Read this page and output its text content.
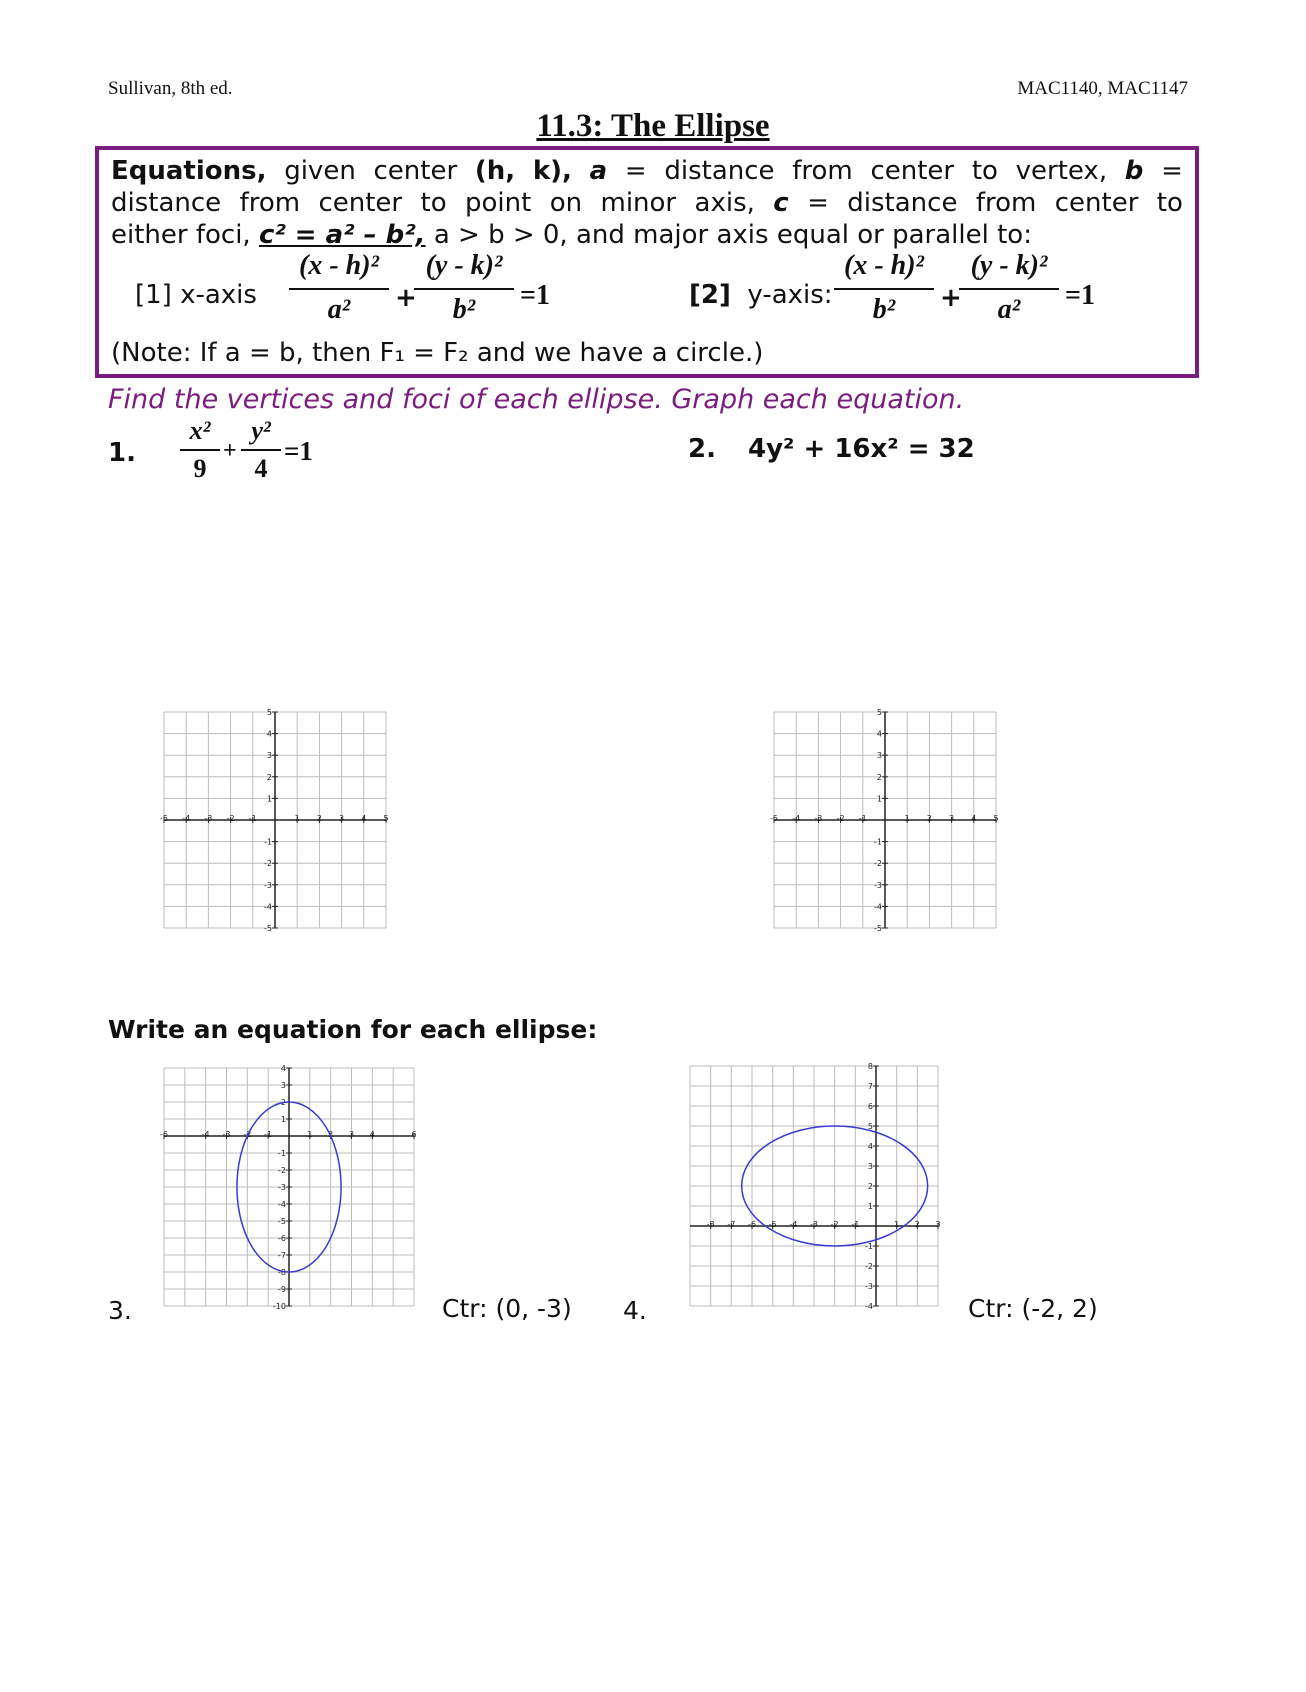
Sullivan, 8th ed.	MAC1140, MAC1147
11.3: The Ellipse
Equations, given center (h, k), a = distance from center to vertex, b =
distance from center to point on minor axis, c = distance from center to
either foci, c² = a² – b², a > b > 0, and major axis equal or parallel to:
[1] x-axis
(x - h)²
a²	+
(y - k)²
b²	=1	[2] y-axis:
(x - h)²
b²	+
(y - k)²
a²	=1
(Note: If a = b, then F₁ = F₂ and we have a circle.)
Find the vertices and foci of each ellipse. Graph each equation.
1.
x²
9
+
y²
4
=1	2. 4y² + 16x² = 32
-5 -4 -3 -2 -1	1 2 3 4 5
5
4
3
2
1
-1
-2
-3
-4
-5
-5 -4 -3 -2 -1	1 2 3 4 5
5
4
3
2
1
-1
-2
-3
-4
-5
Write an equation for each ellipse:
-6	-4 -3 -2 -1	1 2 3 4	6
4
3
2
1
-1
-2
-3
-4
-5
-6
-7
-8
-9
-10
-8 -7 -6 -5 -4 -3 -2 -1	1 2 3
8
7
6
5
4
3
2
1
-1
-2
-3
-4
3.	Ctr: (0, -3) 4.	Ctr: (-2, 2)
